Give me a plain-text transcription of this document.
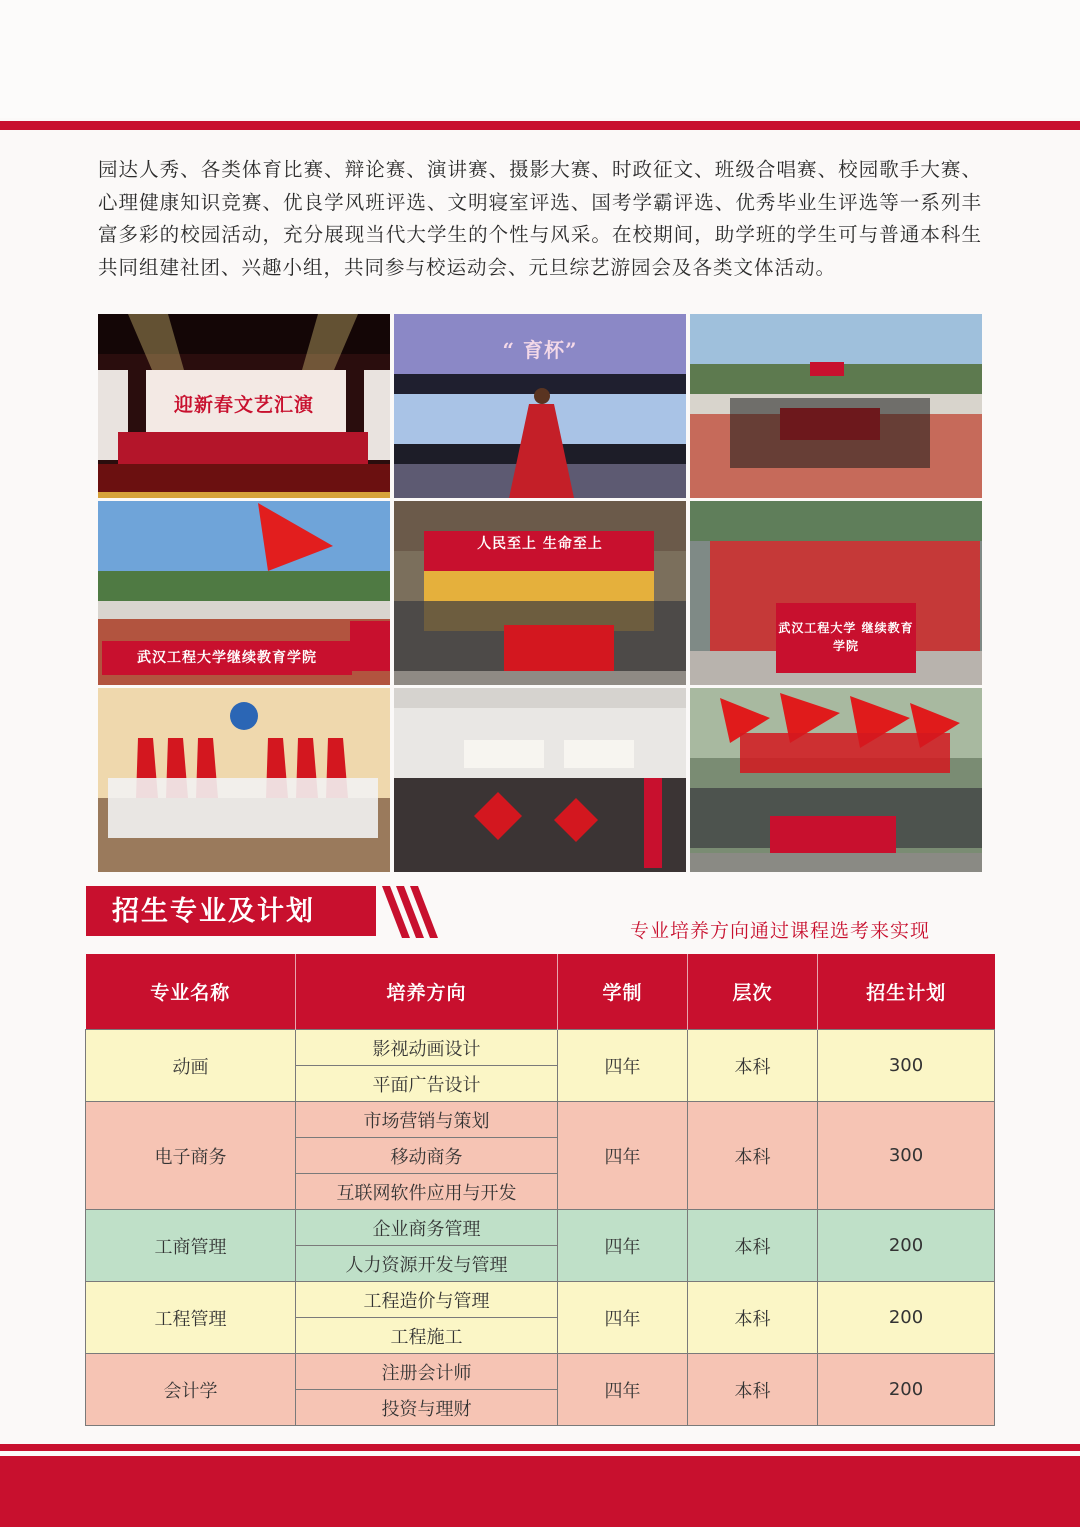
园达人秀、各类体育比赛、辩论赛、演讲赛、摄影大赛、时政征文、班级合唱赛、校园歌手大赛、心理健康知识竞赛、优良学风班评选、文明寝室评选、国考学霸评选、优秀毕业生评选等一系列丰富多彩的校园活动，充分展现当代大学生的个性与风采。在校期间，助学班的学生可与普通本科生共同组建社团、兴趣小组，共同参与校运动会、元旦综艺游园会及各类文体活动。
迎新春文艺汇演
“ 育杯”
武汉工程大学继续教育学院
人民至上 生命至上
武汉工程大学 继续教育学院
招生专业及计划
专业培养方向通过课程选考来实现
专业名称	培养方向	学制	层次	招生计划
动画	影视动画设计	四年	本科	300
	平面广告设计			
电子商务	市场营销与策划	四年	本科	300
	移动商务			
	互联网软件应用与开发			
工商管理	企业商务管理	四年	本科	200
	人力资源开发与管理			
工程管理	工程造价与管理	四年	本科	200
	工程施工			
会计学	注册会计师	四年	本科	200
	投资与理财			
